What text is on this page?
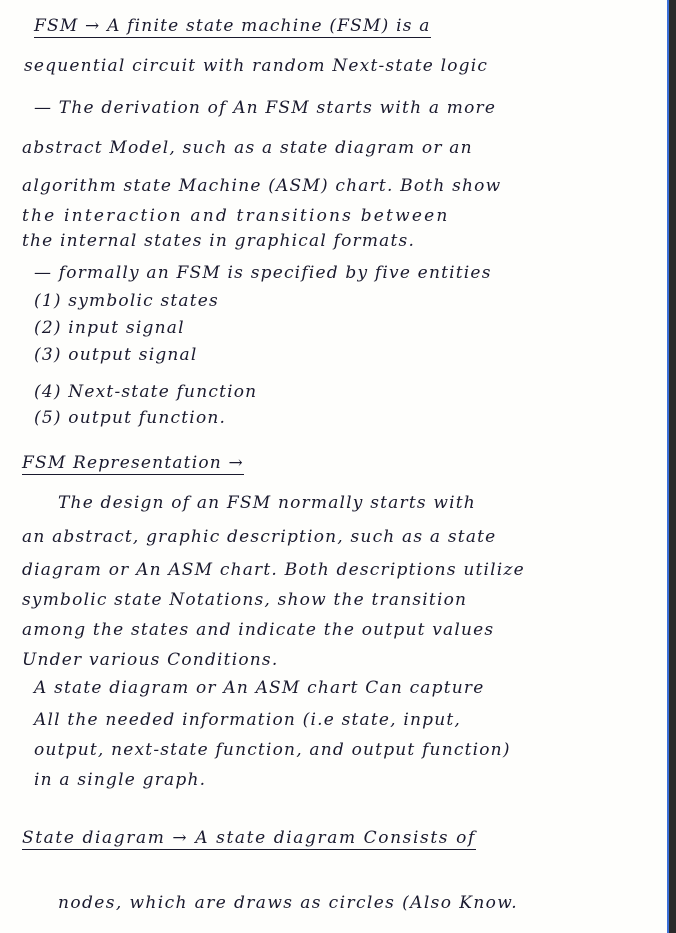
FSM → A finite state machine (FSM) is a
sequential circuit with random Next-state logic
— The derivation of An FSM starts with a more
abstract Model, such as a state diagram or an
algorithm state Machine (ASM) chart. Both show
the interaction and transitions between
the internal states in graphical formats.
— formally an FSM is specified by five entities
(1) symbolic states
(2) input signal
(3) output signal
(4) Next-state function
(5) output function.
FSM Representation →
The design of an FSM normally starts with
an abstract, graphic description, such as a state
diagram or An ASM chart. Both descriptions utilize
symbolic state Notations, show the transition
among the states and indicate the output values
Under various Conditions.
A state diagram or An ASM chart Can capture
All the needed information (i.e state, input,
output, next-state function, and output function)
in a single graph.
State diagram → A state diagram Consists of
nodes, which are draws as circles (Also Know.
